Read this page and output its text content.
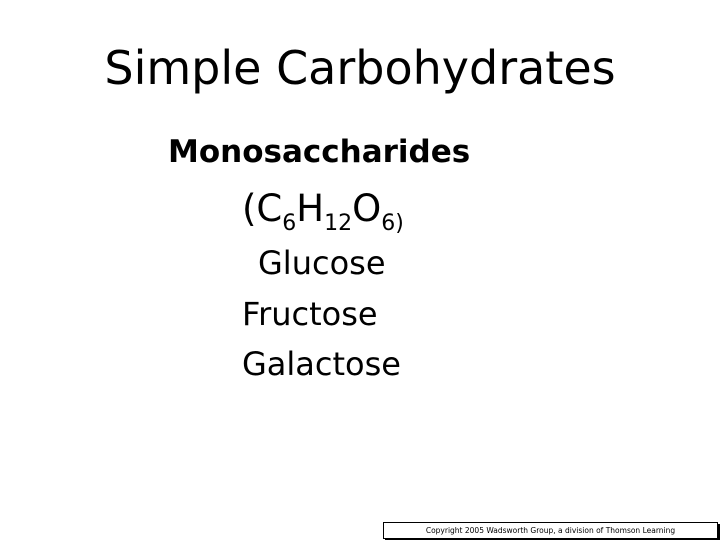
Simple Carbohydrates
Monosaccharides
($C_6H_{12}O_{6)}$
Glucose
Fructose
Galactose
Copyright 2005 Wadsworth Group, a division of Thomson Learning
